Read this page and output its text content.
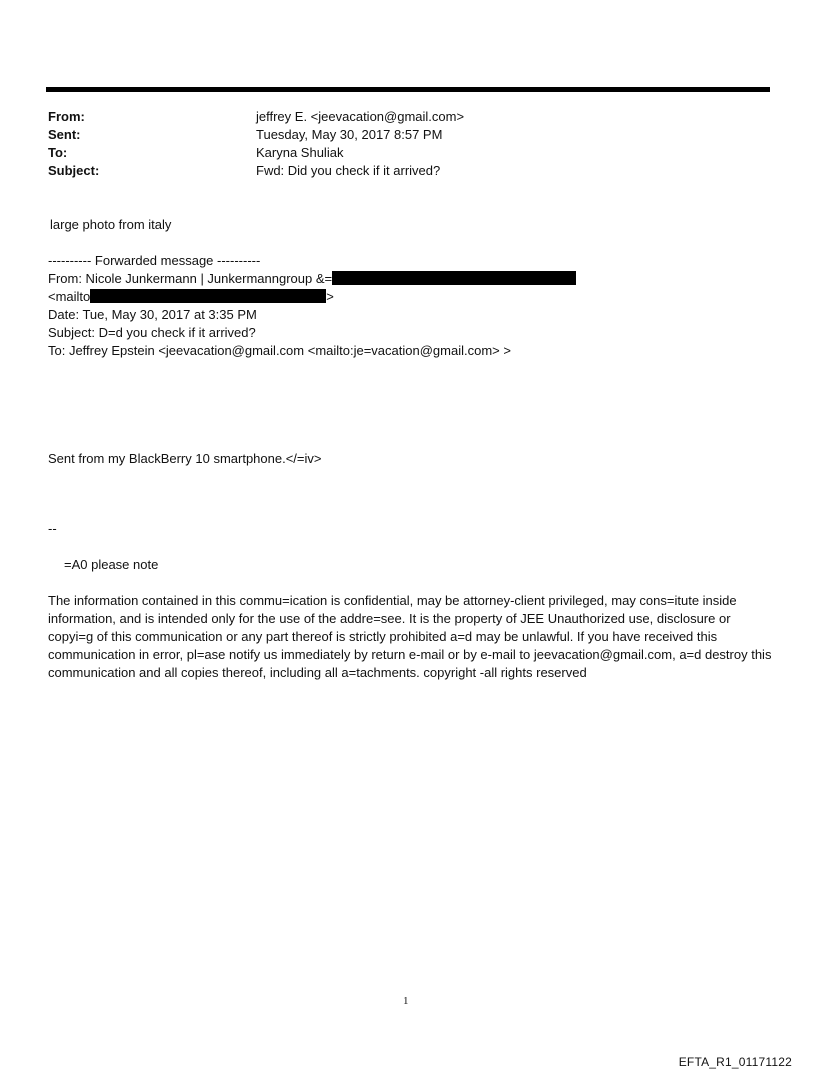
From:	jeffrey E. <jeevacation@gmail.com>
Sent:	Tuesday, May 30, 2017 8:57 PM
To:	Karyna Shuliak
Subject:	Fwd: Did you check if it arrived?
large photo from italy
---------- Forwarded message ----------
From: Nicole Junkermann | Junkermanngroup &=
<mailto	>
Date: Tue, May 30, 2017 at 3:35 PM
Subject: D=d you check if it arrived?
To: Jeffrey Epstein <jeevacation@gmail.com <mailto:je=vacation@gmail.com> >
Sent from my BlackBerry 10 smartphone.</=iv>
--
=A0 please note
The information contained in this commu=ication is confidential, may be attorney-client privileged, may cons=itute inside information, and is intended only for the use of the addre=see. It is the property of JEE Unauthorized use, disclosure or copyi=g of this communication or any part thereof is strictly prohibited a=d may be unlawful. If you have received this communication in error, pl=ase notify us immediately by return e-mail or by e-mail to jeevacation@gmail.com, a=d destroy this communication and all copies thereof, including all a=tachments. copyright -all rights reserved
1
EFTA_R1_01171122
